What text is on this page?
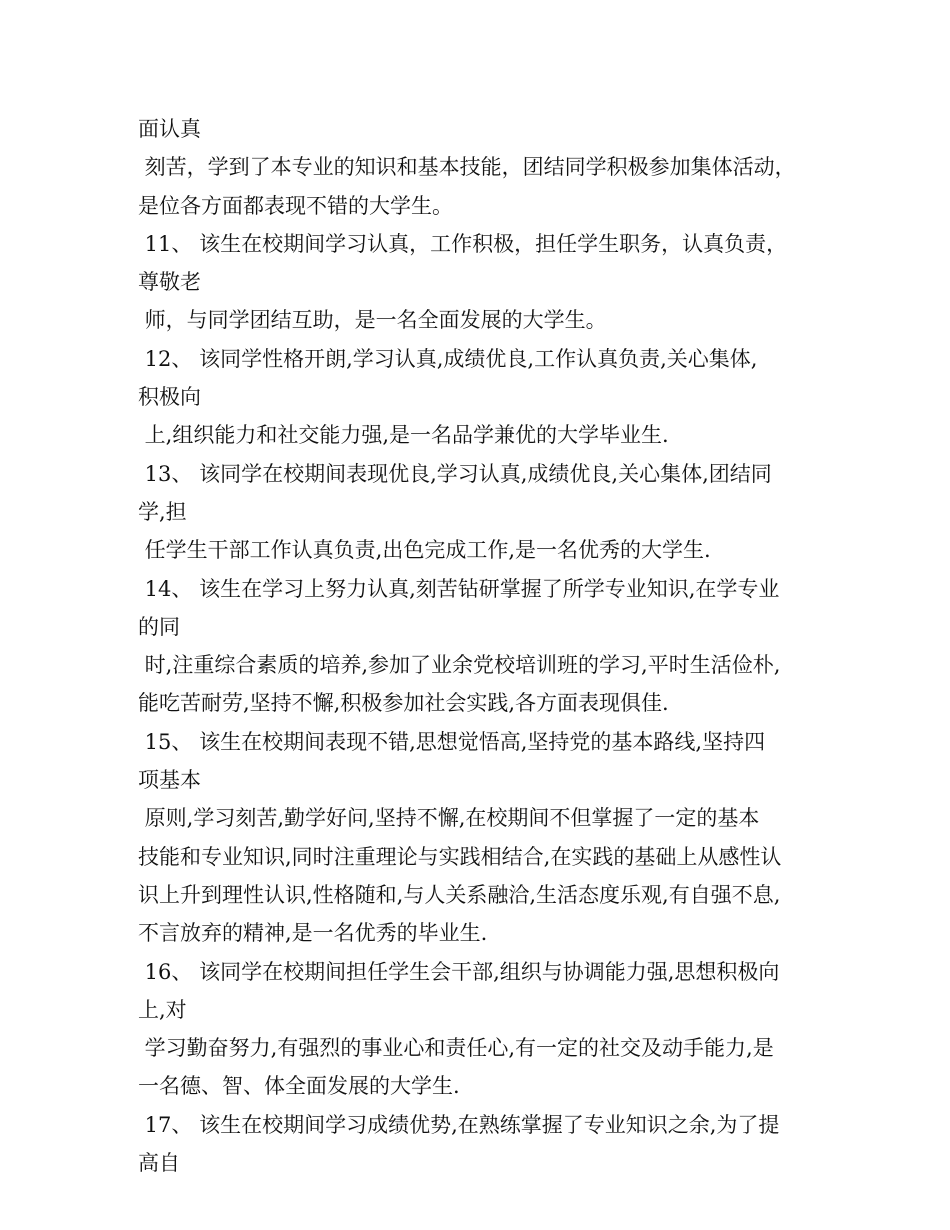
面认真
刻苦，学到了本专业的知识和基本技能，团结同学积极参加集体活动，
是位各方面都表现不错的大学生。
11、 该生在校期间学习认真，工作积极，担任学生职务，认真负责，
尊敬老
师，与同学团结互助，是一名全面发展的大学生。
12、 该同学性格开朗,学习认真,成绩优良,工作认真负责,关心集体,
积极向
上,组织能力和社交能力强,是一名品学兼优的大学毕业生.
13、 该同学在校期间表现优良,学习认真,成绩优良,关心集体,团结同
学,担
任学生干部工作认真负责,出色完成工作,是一名优秀的大学生.
14、 该生在学习上努力认真,刻苦钻研掌握了所学专业知识,在学专业
的同
时,注重综合素质的培养,参加了业余党校培训班的学习,平时生活俭朴,
能吃苦耐劳,坚持不懈,积极参加社会实践,各方面表现俱佳.
15、 该生在校期间表现不错,思想觉悟高,坚持党的基本路线,坚持四
项基本
原则,学习刻苦,勤学好问,坚持不懈,在校期间不但掌握了一定的基本
技能和专业知识,同时注重理论与实践相结合,在实践的基础上从感性认
识上升到理性认识,性格随和,与人关系融洽,生活态度乐观,有自强不息,
不言放弃的精神,是一名优秀的毕业生.
16、 该同学在校期间担任学生会干部,组织与协调能力强,思想积极向
上,对
学习勤奋努力,有强烈的事业心和责任心,有一定的社交及动手能力,是
一名德、智、体全面发展的大学生.
17、 该生在校期间学习成绩优势,在熟练掌握了专业知识之余,为了提
高自
